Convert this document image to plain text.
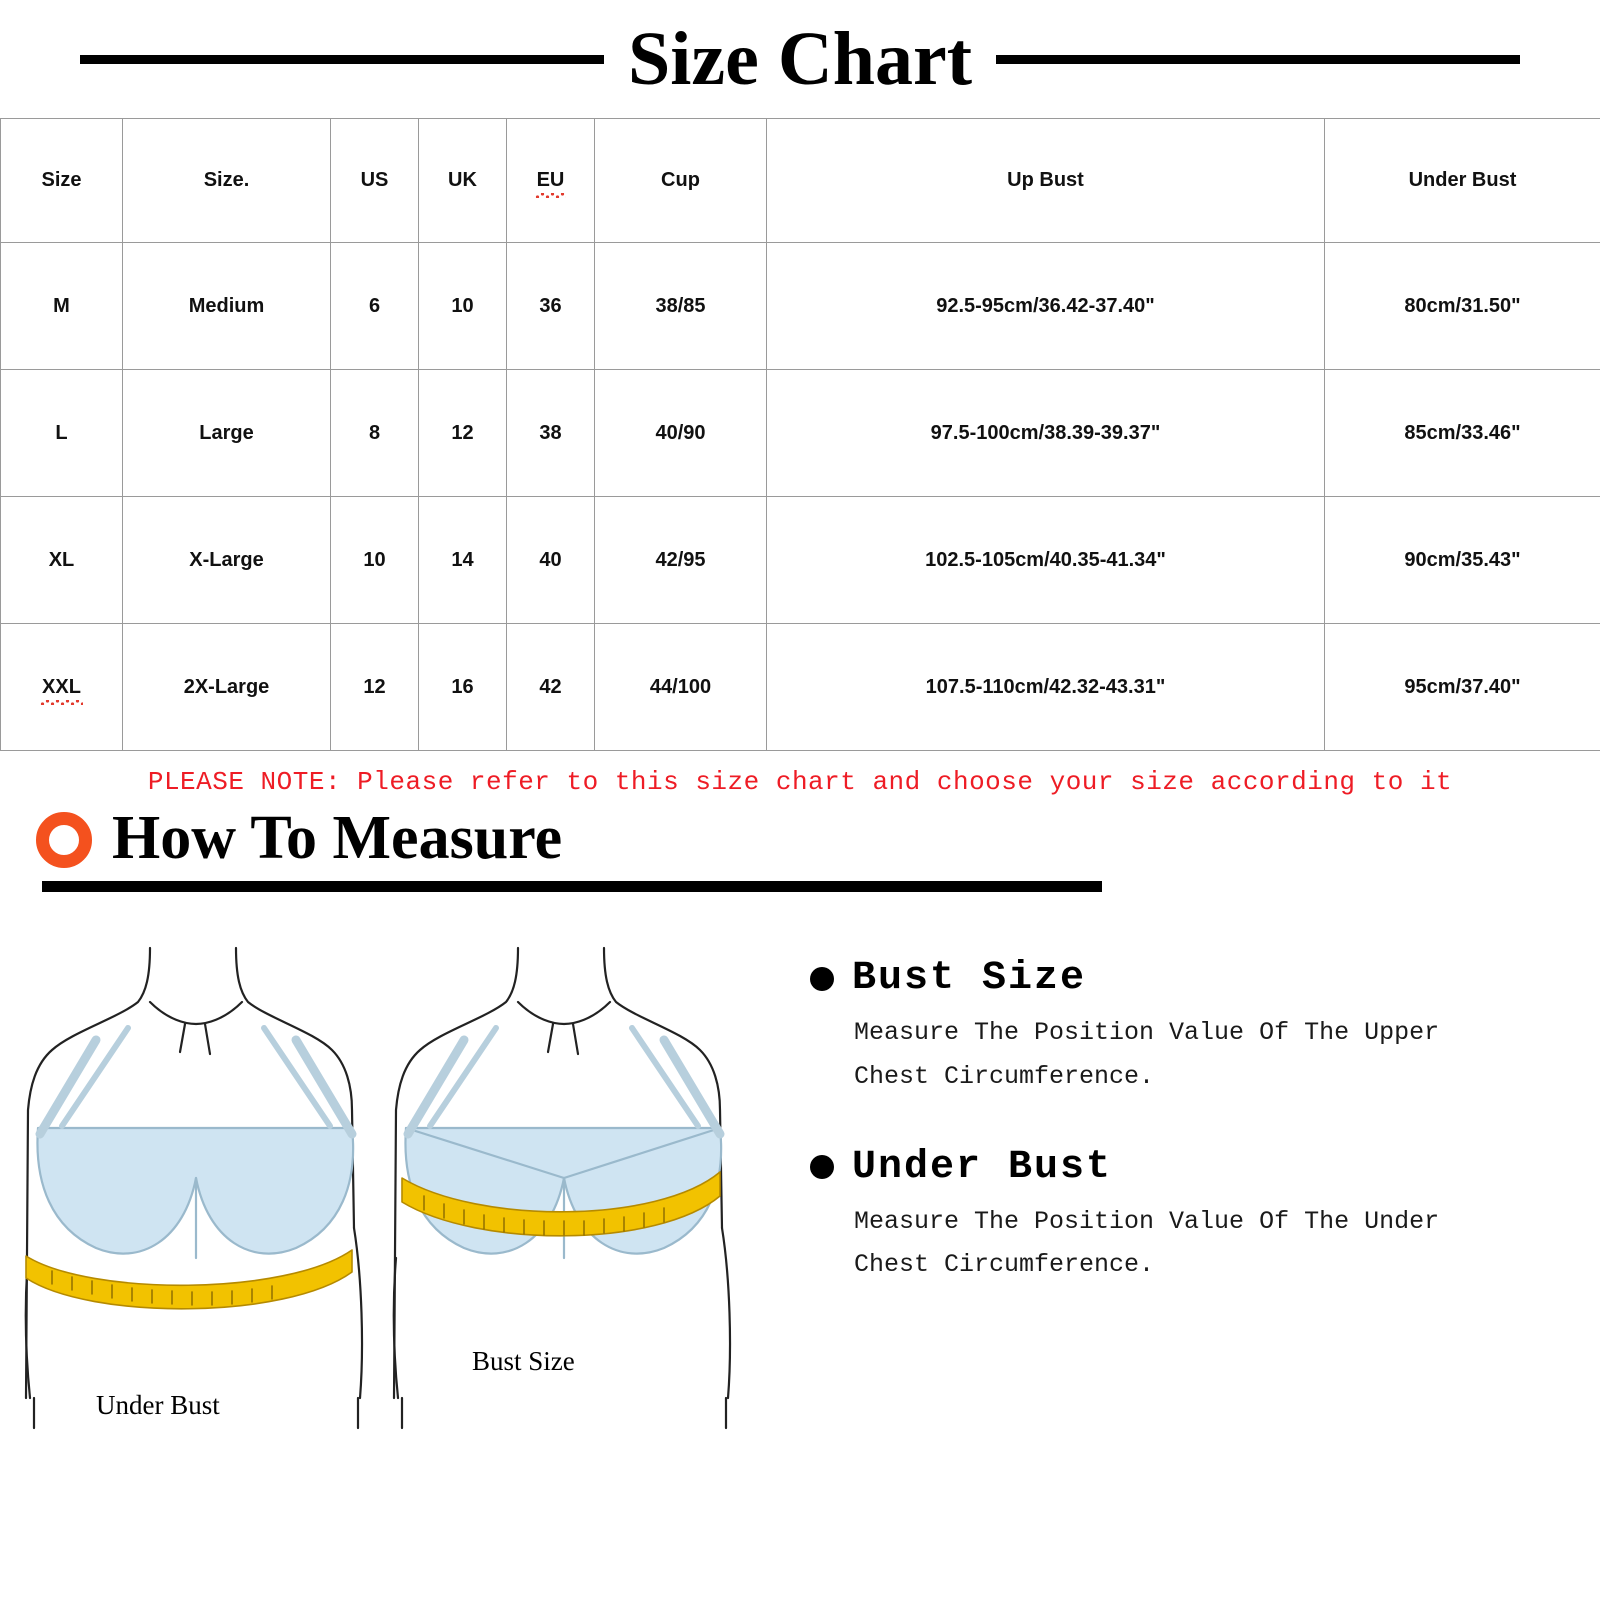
Size Chart
Size	Size.	US	UK	EU	Cup	Up Bust	Under Bust
M	Medium	6	10	36	38/85	92.5-95cm/36.42-37.40"	80cm/31.50"
L	Large	8	12	38	40/90	97.5-100cm/38.39-39.37"	85cm/33.46"
XL	X-Large	10	14	40	42/95	102.5-105cm/40.35-41.34"	90cm/35.43"
XXL	2X-Large	12	16	42	44/100	107.5-110cm/42.32-43.31"	95cm/37.40"
PLEASE NOTE: Please refer to this size chart and choose your size according to it
How To Measure
Under Bust
Bust Size
Bust Size
Measure The Position Value Of The Upper Chest Circumference.
Under Bust
Measure The Position Value Of The Under Chest Circumference.
